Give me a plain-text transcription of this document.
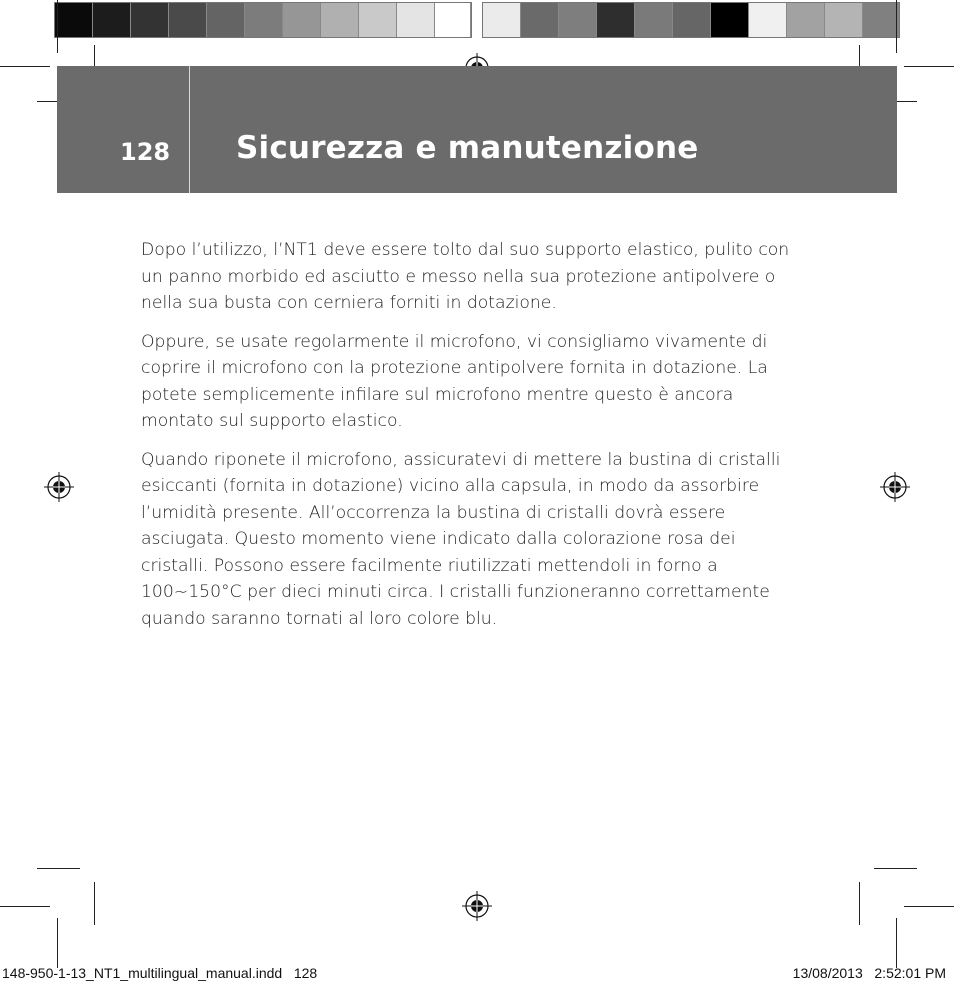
128 Sicurezza e manutenzione

Dopo l’utilizzo, l’NT1 deve essere tolto dal suo supporto elastico, pulito con un panno morbido ed asciutto e messo nella sua protezione antipolvere o nella sua busta con cerniera forniti in dotazione.

Oppure, se usate regolarmente il microfono, vi consigliamo vivamente di coprire il microfono con la protezione antipolvere fornita in dotazione. La potete semplicemente infilare sul microfono mentre questo è ancora montato sul supporto elastico.

Quando riponete il microfono, assicuratevi di mettere la bustina di cristalli esiccanti (fornita in dotazione) vicino alla capsula, in modo da assorbire l’umidità presente. All’occorrenza la bustina di cristalli dovrà essere asciugata. Questo momento viene indicato dalla colorazione rosa dei cristalli. Possono essere facilmente riutilizzati mettendoli in forno a 100~150°C per dieci minuti circa. I cristalli funzioneranno correttamente quando saranno tornati al loro colore blu.

148-950-1-13_NT1_multilingual_manual.indd   128	13/08/2013   2:52:01 PM
